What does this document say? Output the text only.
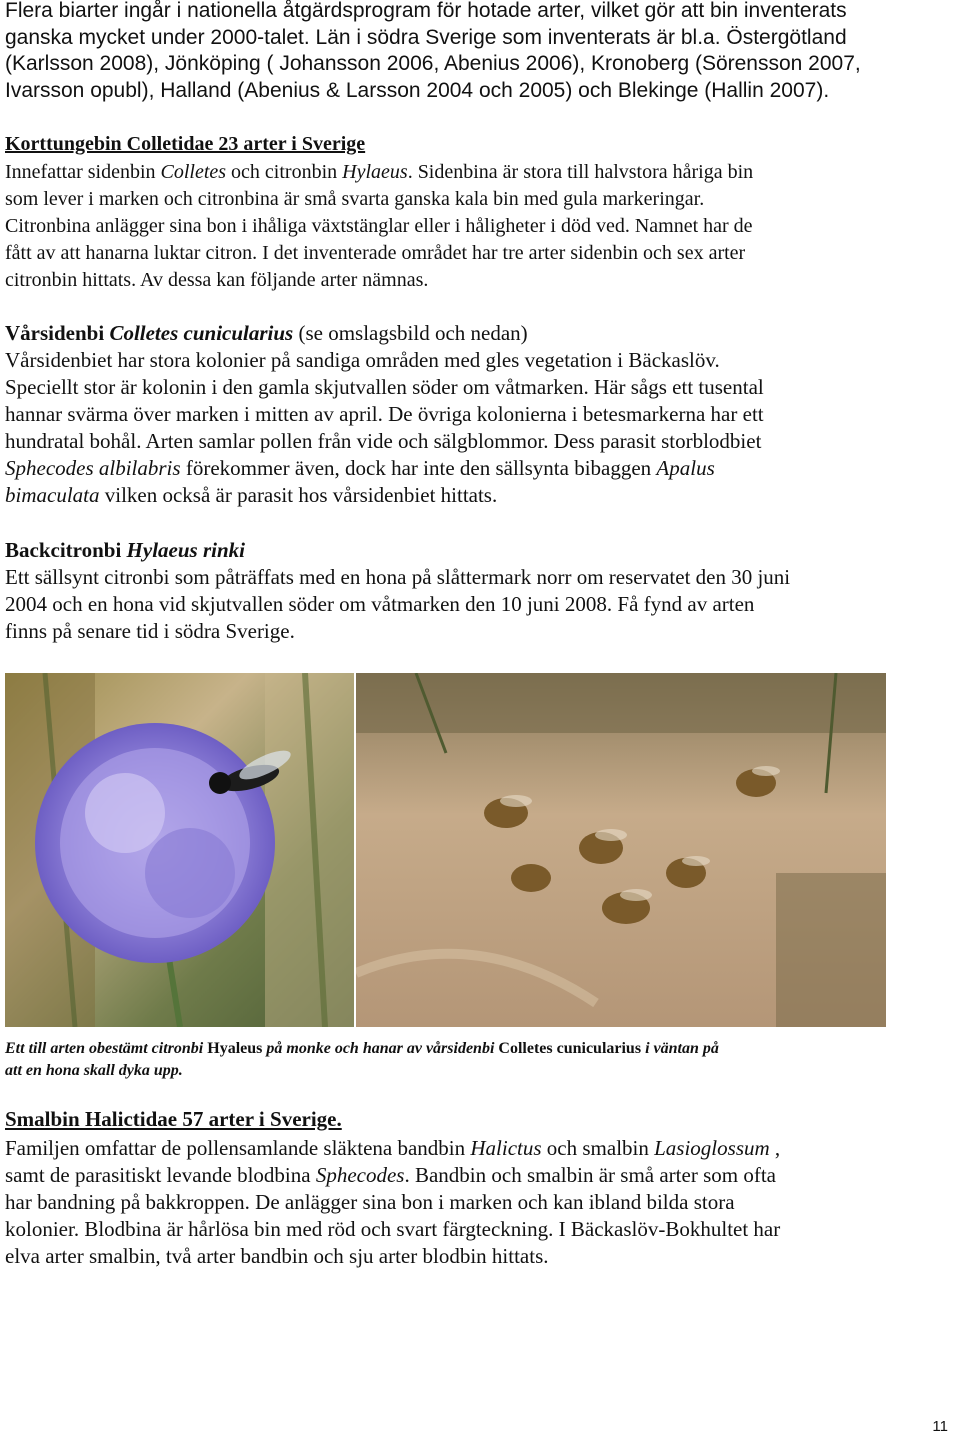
Flera biarter ingår i nationella åtgärdsprogram för hotade arter, vilket gör att bin inventerats
ganska mycket under 2000-talet. Län i södra Sverige som inventerats är bl.a. Östergötland
(Karlsson 2008), Jönköping ( Johansson 2006, Abenius 2006), Kronoberg (Sörensson 2007,
Ivarsson opubl), Halland (Abenius & Larsson 2004 och 2005) och Blekinge (Hallin 2007).
Korttungebin Colletidae 23 arter i Sverige
Innefattar sidenbin Colletes och citronbin Hylaeus. Sidenbina är stora till halvstora håriga bin
som lever i marken och citronbina är små svarta ganska kala bin med gula markeringar.
Citronbina anlägger sina bon i ihåliga växtstänglar eller i håligheter i död ved. Namnet har de
fått av att hanarna luktar citron. I det inventerade området har tre arter sidenbin och sex arter
citronbin hittats. Av dessa kan följande arter nämnas.
Vårsidenbi Colletes cunicularius (se omslagsbild och nedan)
Vårsidenbiet har stora kolonier på sandiga områden med gles vegetation i Bäckaslöv.
Speciellt stor är kolonin i den gamla skjutvallen söder om våtmarken. Här sågs ett tusental
hannar svärma över marken i mitten av april. De övriga kolonierna i betesmarkerna har ett
hundratal bohål. Arten samlar pollen från vide och sälgblommor. Dess parasit storblodbiet
Sphecodes albilabris förekommer även, dock har inte den sällsynta bibaggen Apalus
bimaculata vilken också är parasit hos vårsidenbiet hittats.
Backcitronbi Hylaeus rinki
Ett sällsynt citronbi som påträffats med en hona på slåttermark norr om reservatet den 30 juni
2004 och en hona vid skjutvallen söder om våtmarken den 10 juni 2008. Få fynd av arten
finns på senare tid i södra Sverige.

Ett till arten obestämt citronbi Hyaleus på monke och hanar av vårsidenbi Colletes cunicularius i väntan på
att en hona skall dyka upp.

Smalbin Halictidae 57 arter i Sverige.
Familjen omfattar de pollensamlande släktena bandbin Halictus och smalbin Lasioglossum ,
samt de parasitiskt levande blodbina Sphecodes. Bandbin och smalbin är små arter som ofta
har bandning på bakkroppen. De anlägger sina bon i marken och kan ibland bilda stora
kolonier. Blodbina är hårlösa bin med röd och svart färgteckning. I Bäckaslöv-Bokhultet har
elva arter smalbin, två arter bandbin och sju arter blodbin hittats.
11
